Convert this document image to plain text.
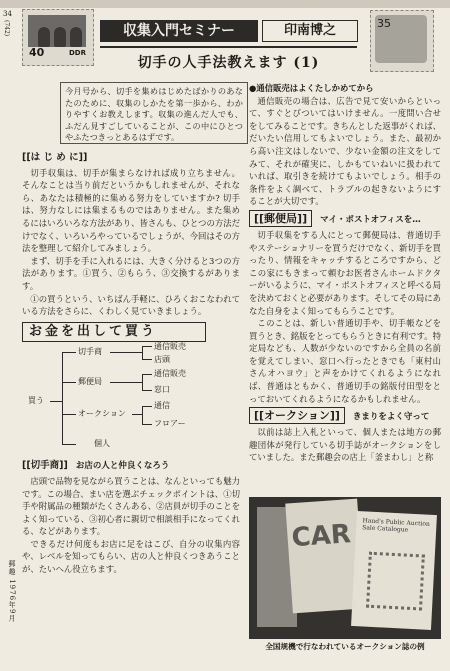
34
(742)
郵趣 1976年9月
40	DDR
収集入門セミナー	印南博之
切手の人手法教えます (1)
35
今月号から、切手を集めはじめたばかりのあなたのために、収集のしかたを第一歩から、わかりやすくお教えします。収集の進んだ人でも、ふだん見すごしていることが、この中にひとつやふたつきっとあるはずです。
[[は じ め に]]

切手収集は、切手が集まらなければ成り立ちません。そんなことは当り前だというかもしれませんが、それなら、あなたは積極的に集める努力をしていますか? 切手は、努力なしには集まるものではありません。また集めるにはいろいろな方法があり、皆さんも、ひとつの方法だけでなく、いろいろやっているでしょうが、今回はその方法を整理して紹介してみましょう。

まず、切手を手に入れるには、大きく分けると3つの方法があります。①買う、②もらう、③交換するがあります。

①の買うという、いちばん手軽に、ひろくおこなわれている方法をさらに、くわしく見ていきましょう。

お金を出して買う
買う
切手商
郵便局
オークション
個人
通信販売
店頭
通信販売
窓口
通信
フロアー
[[切手商]] お店の人と仲良くなろう

店頭で品物を見ながら買うことは、なんといっても魅力です。この場合、まい店を選ぶチェックポイントは、①切手や附属品の種類がたくさんある、②店員が切手のことをよく知っている、③初心者に親切で相談相手になってくれる、などがあります。

できるだけ何度もお店に足をはこび、自分の収集内容や、レベルを知ってもらい、店の人と仲良くつきあうことが、たいへん役立ちます。

●通信販売はよくたしかめてから

通信販売の場合は、広告で見て安いからといって、すぐとびついてはいけません。一度問い合せをしてみることです。きちんとした返事がくれば、だいたい信用してもよいでしょう。また、最初から高い注文はしないで、少ない金額の注文をしてみて、それが確実に、しかもていねいに扱われていれば、取引きを続けてもよいでしょう。相手の条件をよく調べて、トラブルの起きないようにすることが大切です。

[[郵便局]] マイ・ポストオフィスを…

切手収集をする人にとって郵便局は、普通切手やステーショナリーを買うだけでなく、新切手を買ったり、情報をキャッチするところですから、どこの家にもきまって頼むお医者さんホームドクターがいるように、マイ・ポストオフィスと呼べる局を決めておくと必要があります。そしてその局にあなた自身をよく知ってもらうことです。

このことは、新しい普通切手や、切手帳などを買うとき、銘版をとってもらうときに有利です。特定局なども、人数が少ないのですから全員の名前を覚えてしまい、窓口へ行ったときでも「東村山さんオハヨウ」と声をかけてくれるようになれば、普通はともかく、普通切手の銘版付田型をとっておいてくれるようになるかもしれません。

[[オークション]] きまりをよく守って

以前は誌上入札といって、個人または地方の郵趣団体が発行している切手誌がオークションをしていました。また郵趣会の店上「釜まわし」と称

CAR Hand's Public Auction Sale Catalogue
全国规機で行なわれているオークション誌の例
